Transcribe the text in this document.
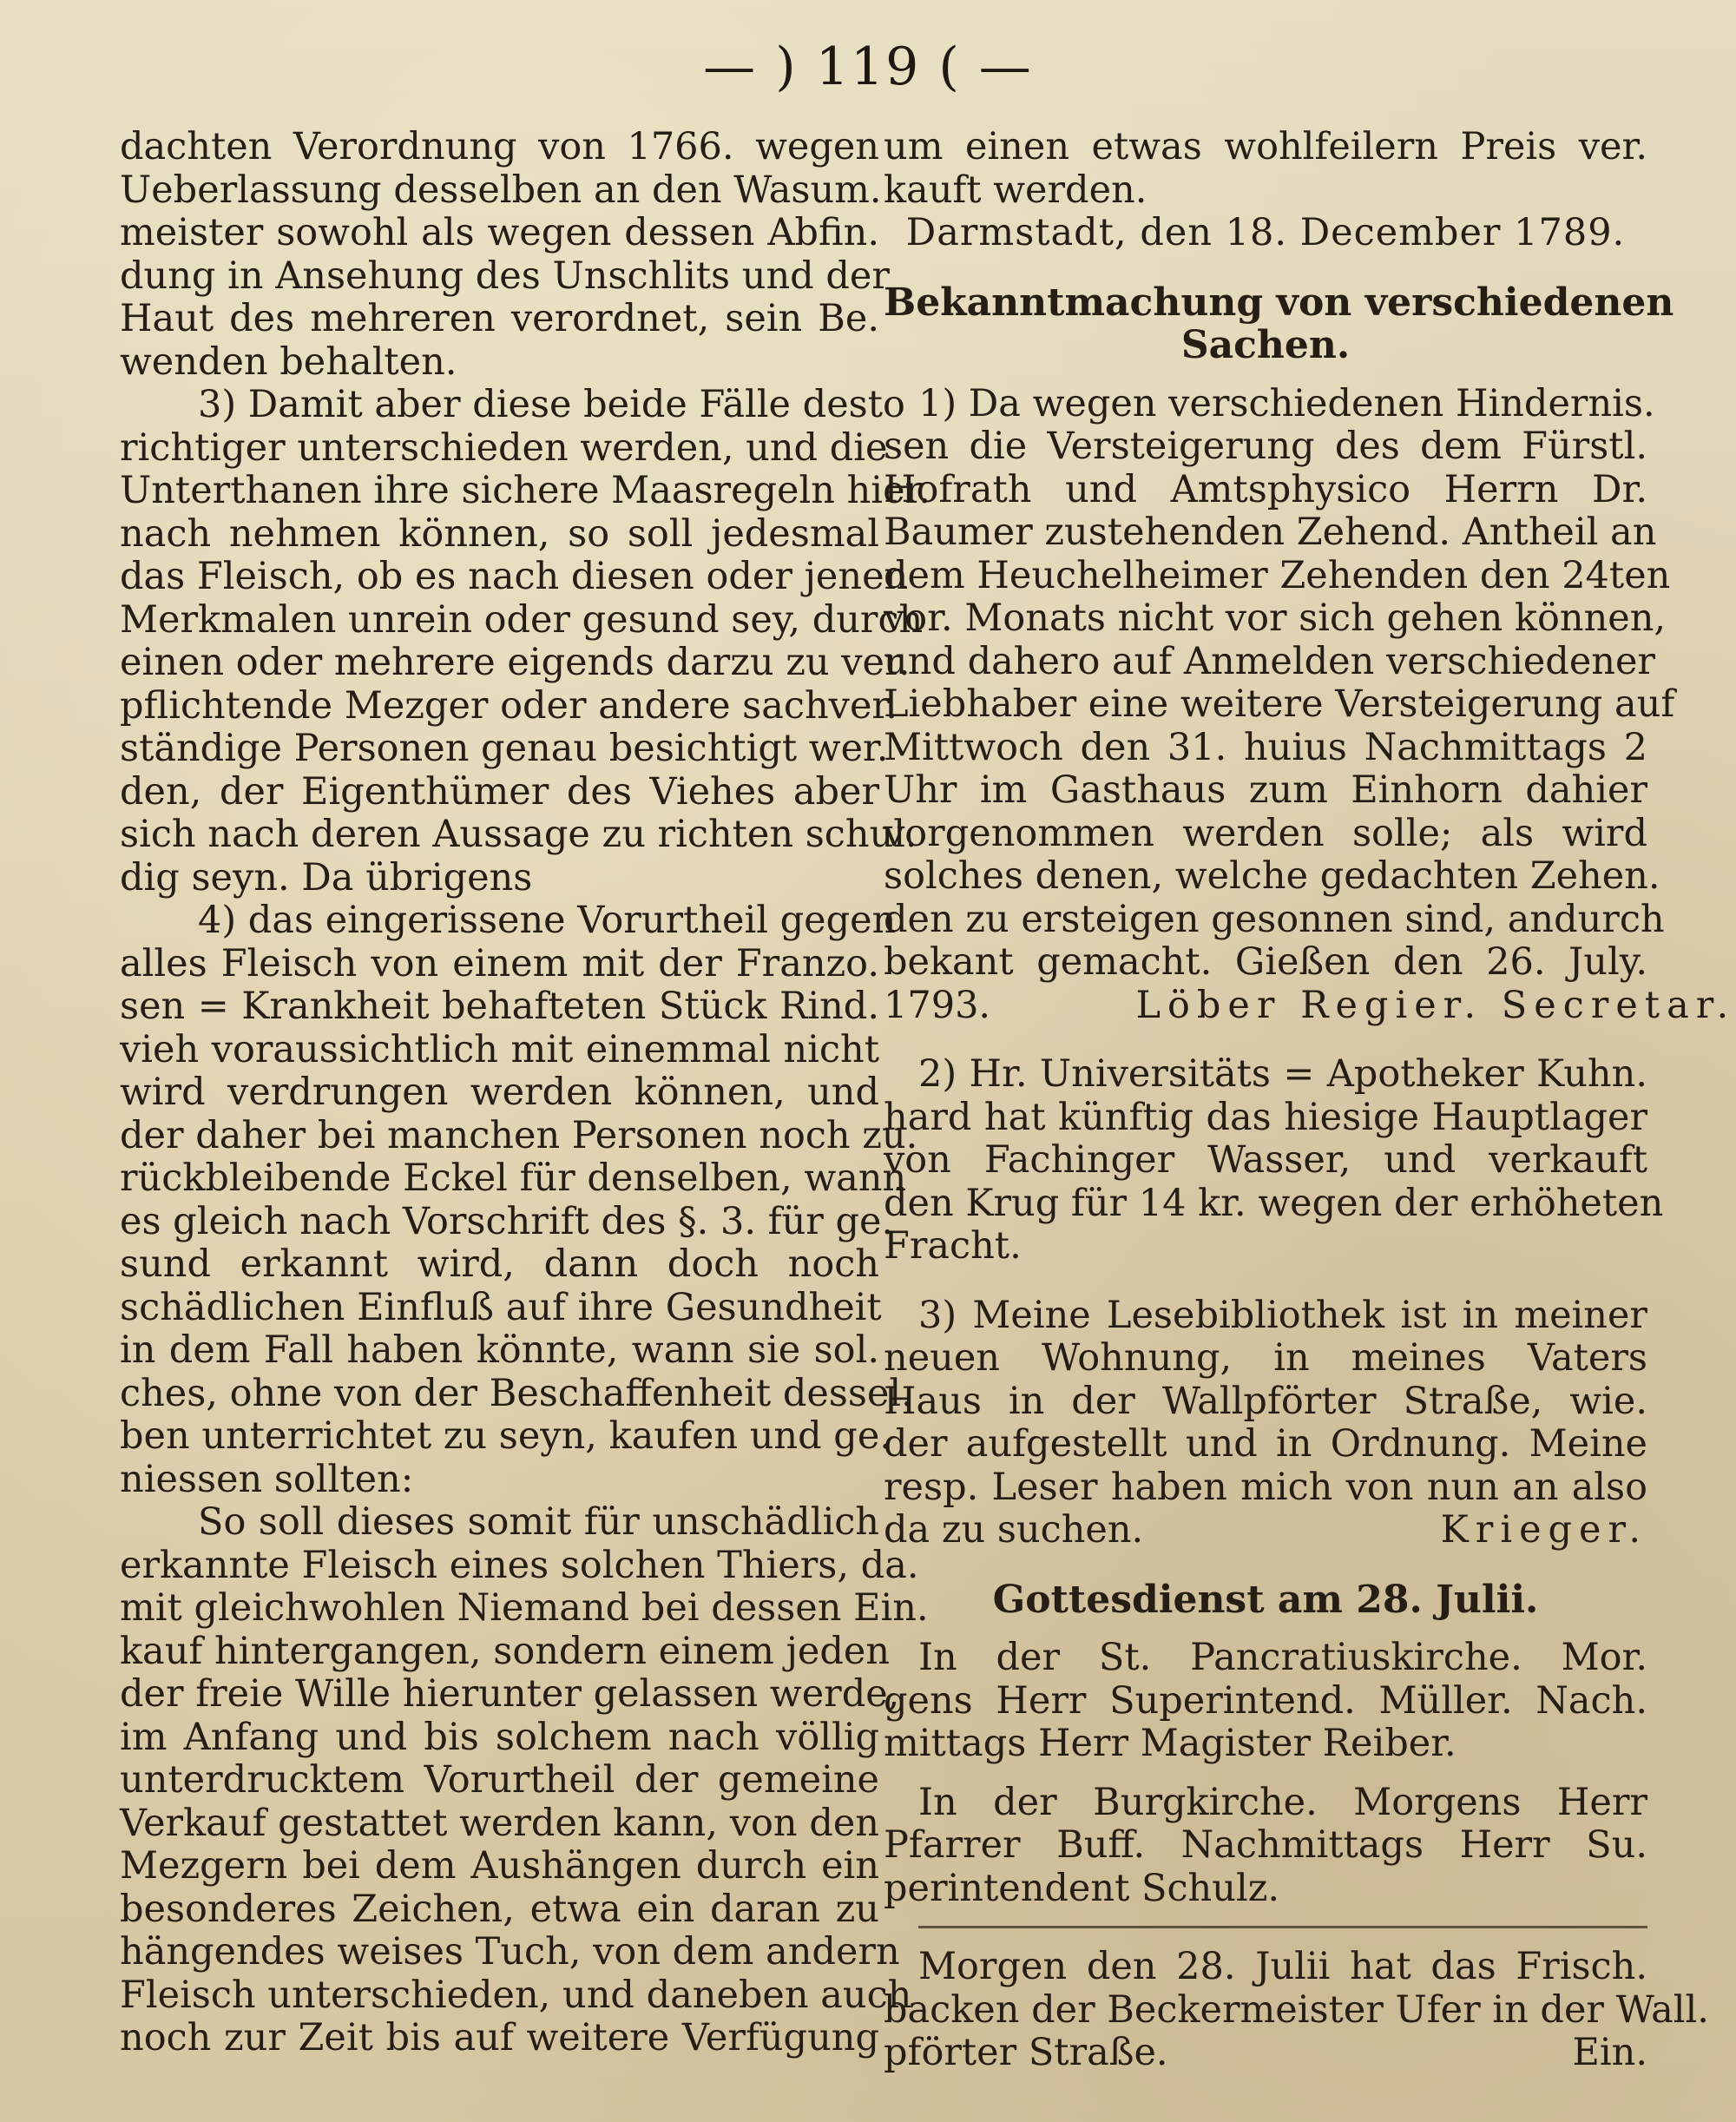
— ) 119 ( —
dachten Verordnung von 1766. wegen
Ueberlassung desselben an den Wasum.
meister sowohl als wegen dessen Abfin.
dung in Ansehung des Unschlits und der
Haut des mehreren verordnet, sein Be.
wenden behalten.
3) Damit aber diese beide Fälle desto
richtiger unterschieden werden, und die
Unterthanen ihre sichere Maasregeln hier.
nach nehmen können, so soll jedesmal
das Fleisch, ob es nach diesen oder jenen
Merkmalen unrein oder gesund sey, durch
einen oder mehrere eigends darzu zu ver.
pflichtende Mezger oder andere sachver.
ständige Personen genau besichtigt wer.
den, der Eigenthümer des Viehes aber
sich nach deren Aussage zu richten schul.
dig seyn. Da übrigens
4) das eingerissene Vorurtheil gegen
alles Fleisch von einem mit der Franzo.
sen = Krankheit behafteten Stück Rind.
vieh voraussichtlich mit einemmal nicht
wird verdrungen werden können, und
der daher bei manchen Personen noch zu.
rückbleibende Eckel für denselben, wann
es gleich nach Vorschrift des §. 3. für ge.
sund erkannt wird, dann doch noch
schädlichen Einfluß auf ihre Gesundheit
in dem Fall haben könnte, wann sie sol.
ches, ohne von der Beschaffenheit dessel.
ben unterrichtet zu seyn, kaufen und ge.
niessen sollten:
So soll dieses somit für unschädlich
erkannte Fleisch eines solchen Thiers, da.
mit gleichwohlen Niemand bei dessen Ein.
kauf hintergangen, sondern einem jeden
der freie Wille hierunter gelassen werde,
im Anfang und bis solchem nach völlig
unterdrucktem Vorurtheil der gemeine
Verkauf gestattet werden kann, von den
Mezgern bei dem Aushängen durch ein
besonderes Zeichen, etwa ein daran zu
hängendes weises Tuch, von dem andern
Fleisch unterschieden, und daneben auch
noch zur Zeit bis auf weitere Verfügung
um einen etwas wohlfeilern Preis ver.
kauft werden.
Darmstadt, den 18. December 1789.
Bekanntmachung von verschiedenen
Sachen.
1) Da wegen verschiedenen Hindernis.
sen die Versteigerung des dem Fürstl.
Hofrath und Amtsphysico Herrn Dr.
Baumer zustehenden Zehend. Antheil an
dem Heuchelheimer Zehenden den 24ten
vor. Monats nicht vor sich gehen können,
und dahero auf Anmelden verschiedener
Liebhaber eine weitere Versteigerung auf
Mittwoch den 31. huius Nachmittags 2
Uhr im Gasthaus zum Einhorn dahier
vorgenommen werden solle; als wird
solches denen, welche gedachten Zehen.
den zu ersteigen gesonnen sind, andurch
bekant gemacht. Gießen den 26. July.
1793.	Löber Regier. Secretar.
2) Hr. Universitäts = Apotheker Kuhn.
hard hat künftig das hiesige Hauptlager
von Fachinger Wasser, und verkauft
den Krug für 14 kr. wegen der erhöheten
Fracht.
3) Meine Lesebibliothek ist in meiner
neuen Wohnung, in meines Vaters
Haus in der Wallpförter Straße, wie.
der aufgestellt und in Ordnung. Meine
resp. Leser haben mich von nun an also
da zu suchen.	Krieger.
Gottesdienst am 28. Julii.
In der St. Pancratiuskirche. Mor.
gens Herr Superintend. Müller. Nach.
mittags Herr Magister Reiber.
In der Burgkirche. Morgens Herr
Pfarrer Buff. Nachmittags Herr Su.
perintendent Schulz.
Morgen den 28. Julii hat das Frisch.
backen der Beckermeister Ufer in der Wall.
pförter Straße.	Ein.
